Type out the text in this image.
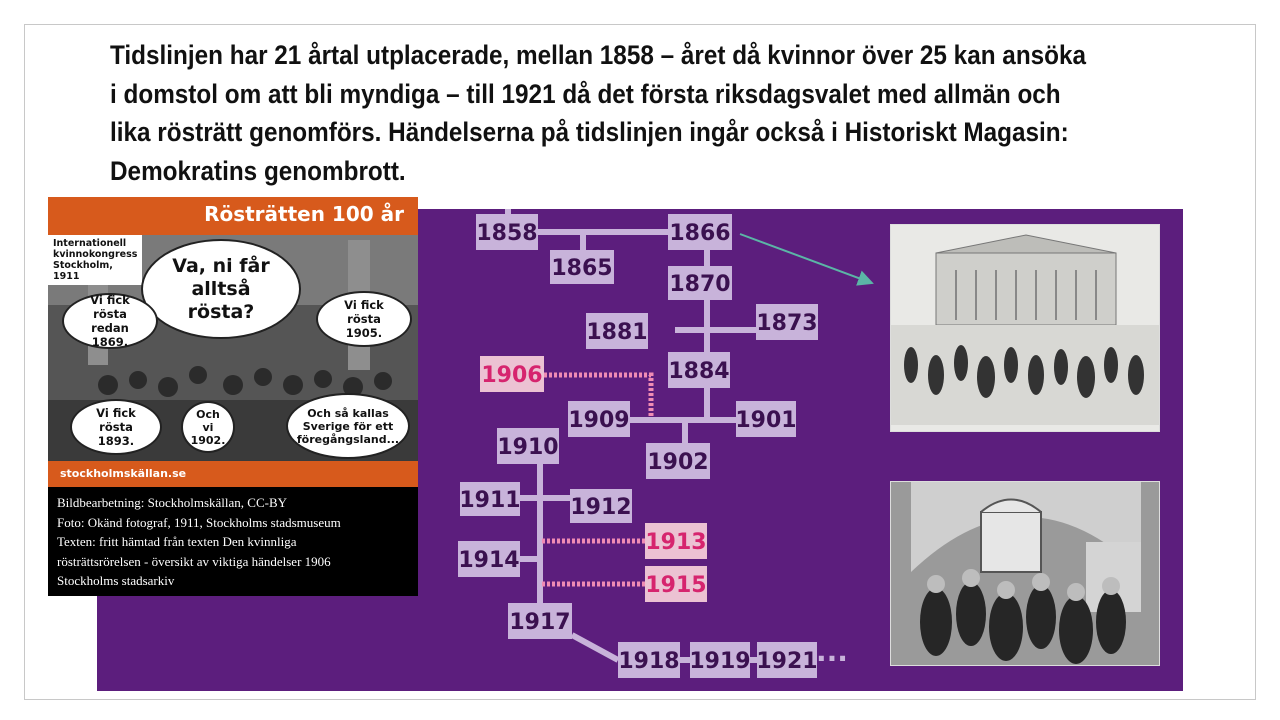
Tidslinjen har 21 årtal utplacerade, mellan 1858 – året då kvinnor över 25 kan ansöka
i domstol om att bli myndiga – till 1921 då det första riksdagsvalet med allmän och
lika rösträtt genomförs. Händelserna på tidslinjen ingår också i Historiskt Magasin:
Demokratins genombrott.
1858	1866
1865
1870
1873
1881
1884
1906
1909	1901
1910
1902
1911 1912
1913
1914
1915
1917
1918 1919 1921
···
Rösträtten 100 år
Internationell kvinnokongress Stockholm, 1911	Va, ni får alltså rösta?
Vi fick rösta redan 1869.
Vi fick rösta 1905.
Vi fick rösta 1893.
Och vi 1902.
Och så kallas Sverige för ett föregångsland...
stockholmskällan.se
Bildbearbetning: Stockholmskällan, CC-BY
Foto: Okänd fotograf, 1911, Stockholms stadsmuseum
Texten: fritt hämtad från texten Den kvinnliga
rösträttsrörelsen - översikt av viktiga händelser 1906
Stockholms stadsarkiv
